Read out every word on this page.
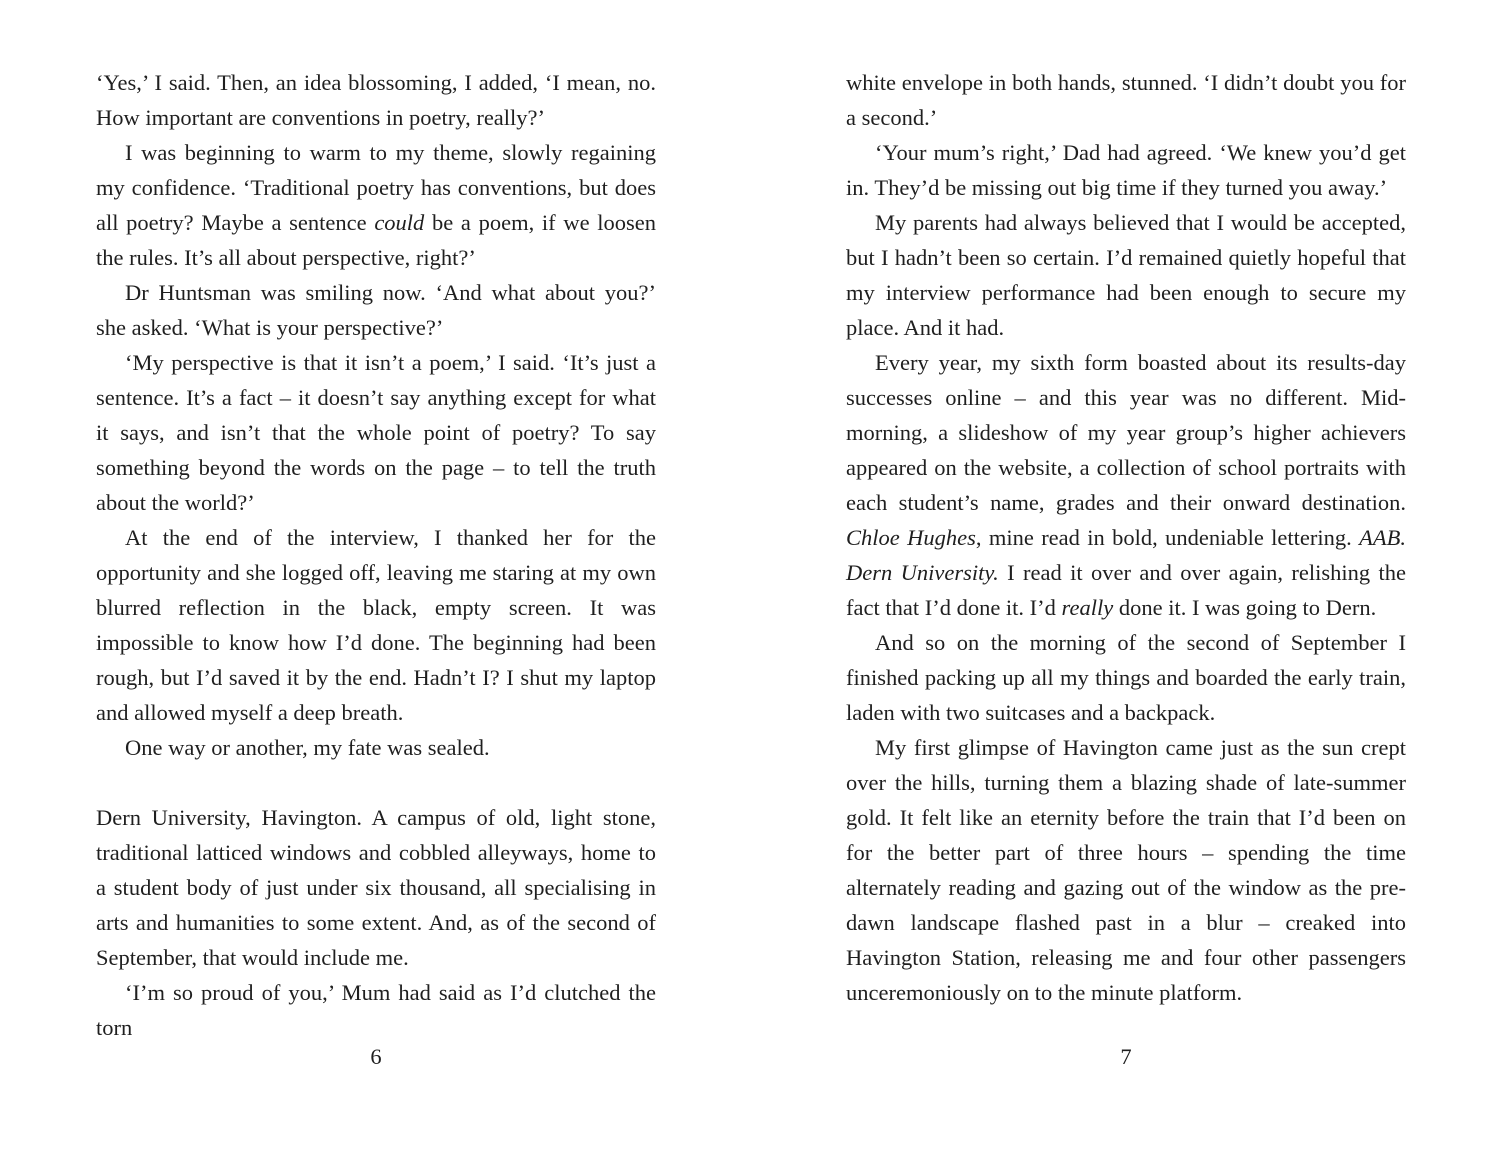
‘Yes,’ I said. Then, an idea blossoming, I added, ‘I mean, no. How important are conventions in poetry, really?’

I was beginning to warm to my theme, slowly regaining my confidence. ‘Traditional poetry has conventions, but does all poetry? Maybe a sentence could be a poem, if we loosen the rules. It’s all about perspective, right?’

Dr Huntsman was smiling now. ‘And what about you?’ she asked. ‘What is your perspective?’

‘My perspective is that it isn’t a poem,’ I said. ‘It’s just a sentence. It’s a fact – it doesn’t say anything except for what it says, and isn’t that the whole point of poetry? To say something beyond the words on the page – to tell the truth about the world?’

At the end of the interview, I thanked her for the opportunity and she logged off, leaving me staring at my own blurred reflection in the black, empty screen. It was impossible to know how I’d done. The beginning had been rough, but I’d saved it by the end. Hadn’t I? I shut my laptop and allowed myself a deep breath.

One way or another, my fate was sealed.

Dern University, Havington. A campus of old, light stone, traditional latticed windows and cobbled alleyways, home to a student body of just under six thousand, all specialising in arts and humanities to some extent. And, as of the second of September, that would include me.

‘I’m so proud of you,’ Mum had said as I’d clutched the torn

6

white envelope in both hands, stunned. ‘I didn’t doubt you for a second.’

‘Your mum’s right,’ Dad had agreed. ‘We knew you’d get in. They’d be missing out big time if they turned you away.’

My parents had always believed that I would be accepted, but I hadn’t been so certain. I’d remained quietly hopeful that my interview performance had been enough to secure my place. And it had.

Every year, my sixth form boasted about its results-day successes online – and this year was no different. Mid-morning, a slideshow of my year group’s higher achievers appeared on the website, a collection of school portraits with each student’s name, grades and their onward destination. Chloe Hughes, mine read in bold, undeniable lettering. AAB. Dern University. I read it over and over again, relishing the fact that I’d done it. I’d really done it. I was going to Dern.

And so on the morning of the second of September I finished packing up all my things and boarded the early train, laden with two suitcases and a backpack.

My first glimpse of Havington came just as the sun crept over the hills, turning them a blazing shade of late-summer gold. It felt like an eternity before the train that I’d been on for the better part of three hours – spending the time alternately reading and gazing out of the window as the pre-dawn landscape flashed past in a blur – creaked into Havington Station, releasing me and four other passengers unceremoniously on to the minute platform.

7
